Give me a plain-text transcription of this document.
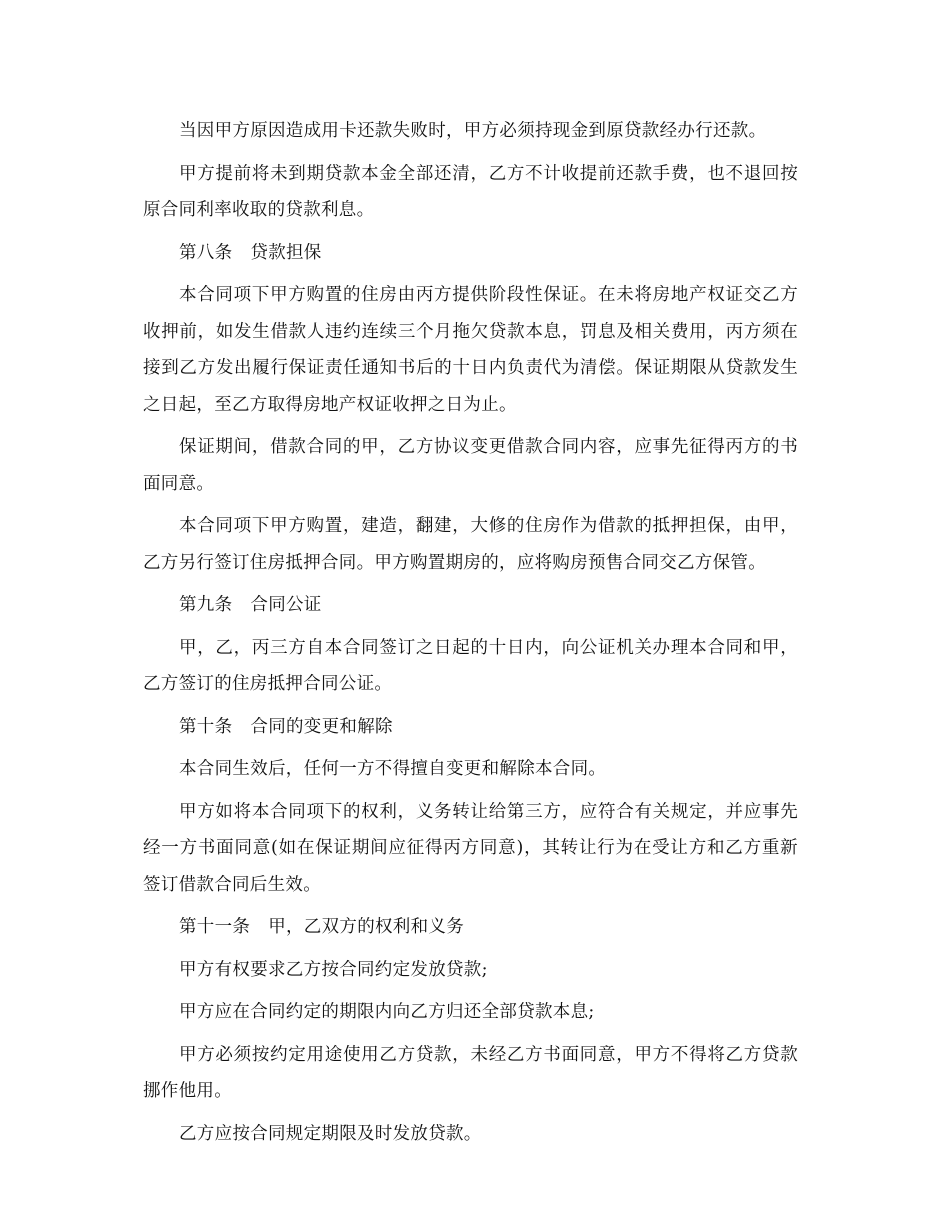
当因甲方原因造成用卡还款失败时，甲方必须持现金到原贷款经办行还款。

甲方提前将未到期贷款本金全部还清，乙方不计收提前还款手费，也不退回按原合同利率收取的贷款利息。

第八条 贷款担保

本合同项下甲方购置的住房由丙方提供阶段性保证。在未将房地产权证交乙方收押前，如发生借款人违约连续三个月拖欠贷款本息，罚息及相关费用，丙方须在接到乙方发出履行保证责任通知书后的十日内负责代为清偿。保证期限从贷款发生之日起，至乙方取得房地产权证收押之日为止。

保证期间，借款合同的甲，乙方协议变更借款合同内容，应事先征得丙方的书面同意。

本合同项下甲方购置，建造，翻建，大修的住房作为借款的抵押担保，由甲，乙方另行签订住房抵押合同。甲方购置期房的，应将购房预售合同交乙方保管。

第九条 合同公证

甲，乙，丙三方自本合同签订之日起的十日内，向公证机关办理本合同和甲，乙方签订的住房抵押合同公证。

第十条 合同的变更和解除

本合同生效后，任何一方不得擅自变更和解除本合同。

甲方如将本合同项下的权利，义务转让给第三方，应符合有关规定，并应事先经一方书面同意(如在保证期间应征得丙方同意)，其转让行为在受让方和乙方重新签订借款合同后生效。

第十一条 甲，乙双方的权利和义务

甲方有权要求乙方按合同约定发放贷款;

甲方应在合同约定的期限内向乙方归还全部贷款本息;

甲方必须按约定用途使用乙方贷款，未经乙方书面同意，甲方不得将乙方贷款挪作他用。

乙方应按合同规定期限及时发放贷款。
